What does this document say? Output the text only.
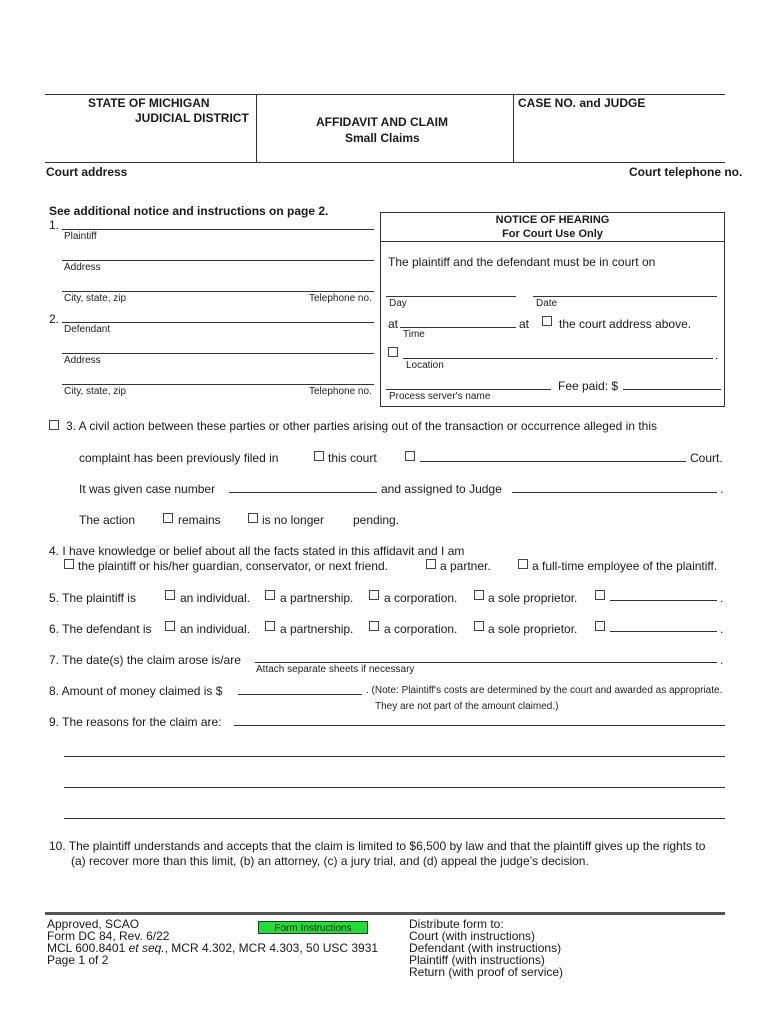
STATE OF MICHIGAN
JUDICIAL DISTRICT	AFFIDAVIT AND CLAIM
Small Claims
CASE NO. and JUDGE
Court address	Court telephone no.
See additional notice and instructions on page 2.
1.
Plaintiff
Address
City, state, zip	Telephone no.
2.
Defendant
Address
City, state, zip	Telephone no.
NOTICE OF HEARING
For Court Use Only
The plaintiff and the defendant must be in court on
Day	Date
at
Time
at the court address above.
.
Location
Process server's name
Fee paid: $
3. A civil action between these parties or other parties arising out of the transaction or occurrence alleged in this
complaint has been previously filed in	this court	Court.
It was given case number	and assigned to Judge	.
The action	remains	is no longer pending.
4. I have knowledge or belief about all the facts stated in this affidavit and I am
the plaintiff or his/her guardian, conservator, or next friend.	a partner.	a full-time employee of the plaintiff.
5. The plaintiff is	an individual. a partnership.	a corporation.	a sole proprietor.	.
6. The defendant is an individual. a partnership.	a corporation.	a sole proprietor.	.
7. The date(s) the claim arose is/are
Attach separate sheets if necessary
.
8. Amount of money claimed is $	. (Note: Plaintiff's costs are determined by the court and awarded as appropriate.
They are not part of the amount claimed.)
9. The reasons for the claim are:
10. The plaintiff understands and accepts that the claim is limited to $6,500 by law and that the plaintiff gives up the rights to
(a) recover more than this limit, (b) an attorney, (c) a jury trial, and (d) appeal the judge’s decision.
Approved, SCAO
Form DC 84, Rev. 6/22
MCL 600.8401 et seq., MCR 4.302, MCR 4.303, 50 USC 3931
Page 1 of 2
Form Instructions	Distribute form to:
Court (with instructions)
Defendant (with instructions)
Plaintiff (with instructions)
Return (with proof of service)
